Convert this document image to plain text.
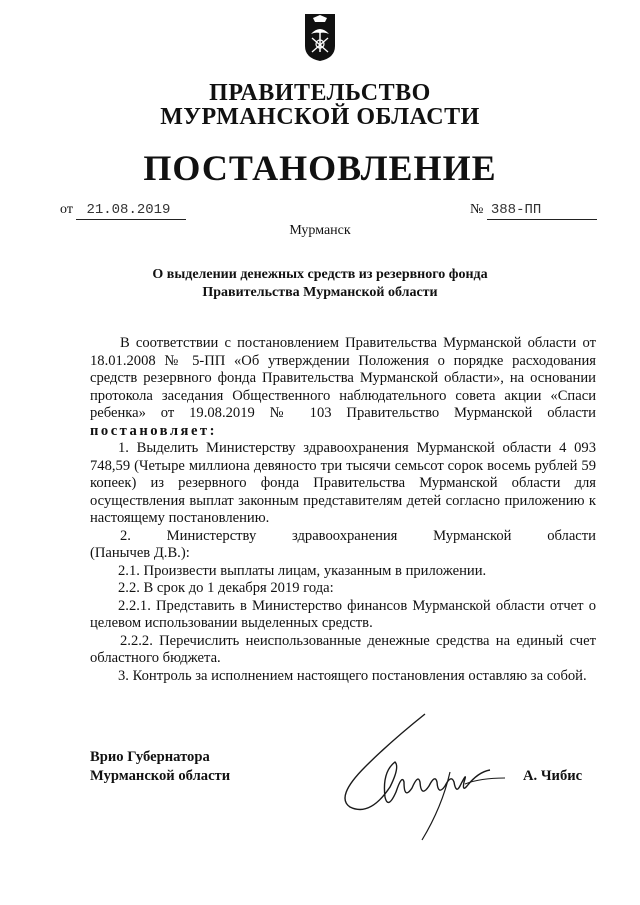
ПРАВИТЕЛЬСТВО
МУРМАНСКОЙ ОБЛАСТИ
ПОСТАНОВЛЕНИЕ
от 21.08.2019	№ 388-ПП
Мурманск
О выделении денежных средств из резервного фонда
Правительства Мурманской области

В соответствии с постановлением Правительства Мурманской области от 18.01.2008 № 5-ПП «Об утверждении Положения о порядке расходования средств резервного фонда Правительства Мурманской области», на основании протокола заседания Общественного наблюдательного совета акции «Спаси ребенка» от 19.08.2019 № 103 Правительство Мурманской области постановляет:

1. Выделить Министерству здравоохранения Мурманской области 4 093 748,59 (Четыре миллиона девяносто три тысячи семьсот сорок восемь рублей 59 копеек) из резервного фонда Правительства Мурманской области для осуществления выплат законным представителям детей согласно приложению к настоящему постановлению.

2. Министерству здравоохранения Мурманской области

(Панычев Д.В.):

2.1. Произвести выплаты лицам, указанным в приложении.

2.2. В срок до 1 декабря 2019 года:

2.2.1. Представить в Министерство финансов Мурманской области отчет о целевом использовании выделенных средств.

2.2.2. Перечислить неиспользованные денежные средства на единый счет областного бюджета.

3. Контроль за исполнением настоящего постановления оставляю за собой.

Врио Губернатора
Мурманской области	А. Чибис
